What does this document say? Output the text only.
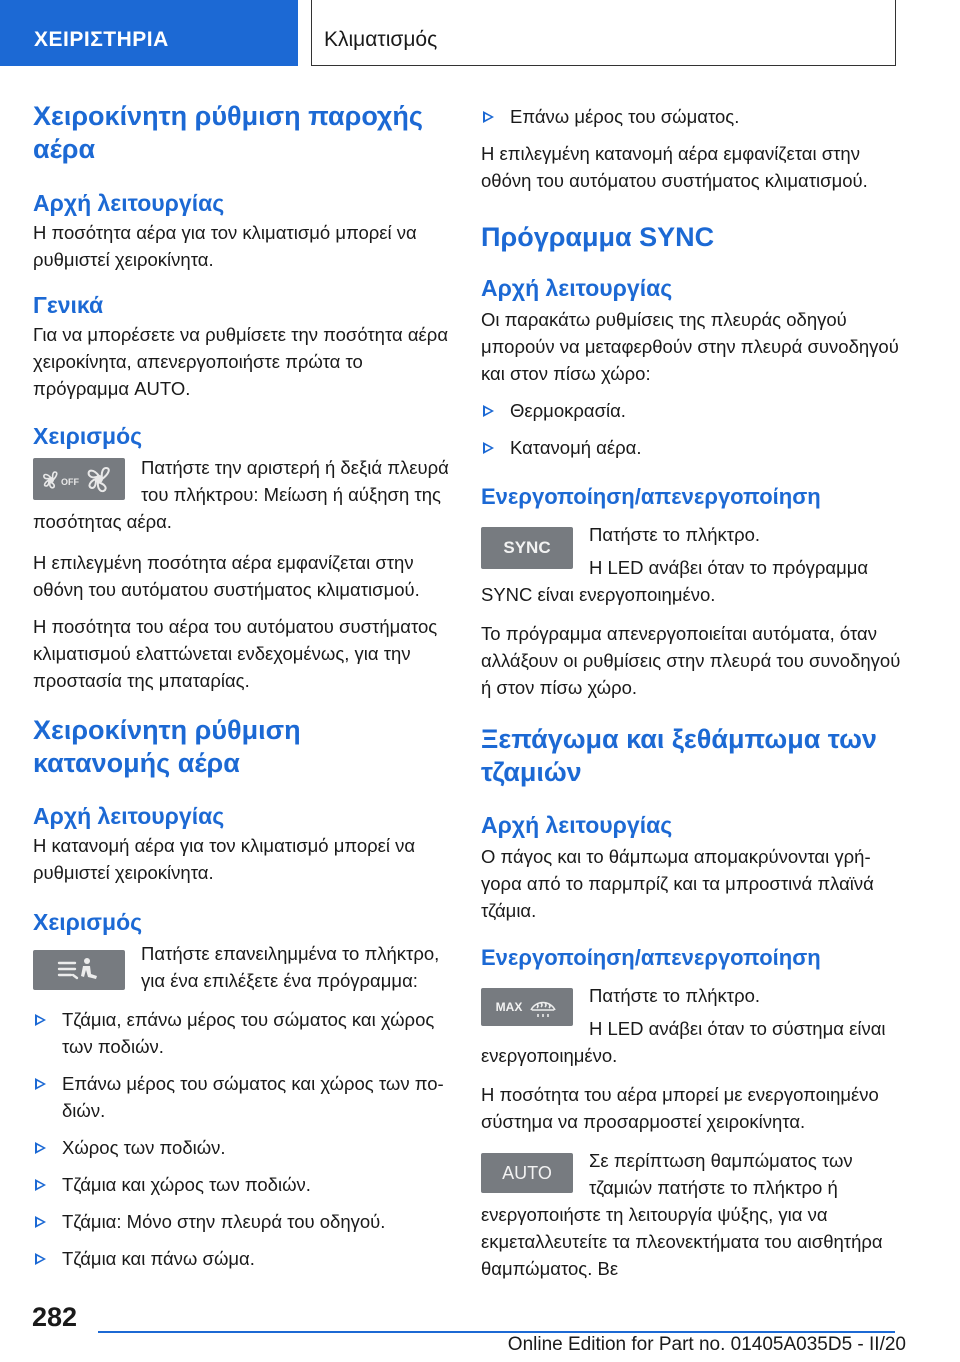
ΧΕΙΡΙΣΤΗΡΙΑ	Κλιματισμός
Χειροκίνητη ρύθμιση παροχής αέρα
Αρχή λειτουργίας

Η ποσότητα αέρα για τον κλιματισμό μπορεί να ρυθμιστεί χειροκίνητα.

Γενικά

Για να μπορέσετε να ρυθμίσετε την ποσότητα αέρα χειροκίνητα, απενεργοποιήστε πρώτα το πρόγραμμα AUTO.

Χειρισμός
OFF

Πατήστε την αριστερή ή δεξιά πλευρά του πλήκτρου: Μείωση ή αύξηση της ποσότητας αέρα.

Η επιλεγμένη ποσότητα αέρα εμφανίζεται στην οθόνη του αυτόματου συστήματος κλιματισμού.

Η ποσότητα του αέρα του αυτόματου συστήματος κλιματισμού ελαττώνεται ενδεχομένως, για την προστασία της μπαταρίας.

Χειροκίνητη ρύθμιση κατανομής αέρα
Αρχή λειτουργίας

Η κατανομή αέρα για τον κλιματισμό μπορεί να ρυθμιστεί χειροκίνητα.

Χειρισμός

Πατήστε επανειλημμένα το πλήκτρο, για ένα επιλέξετε ένα πρόγραμμα:

Τζάμια, επάνω μέρος του σώματος και χώρος των ποδιών.
Επάνω μέρος του σώματος και χώρος των ποδιών.
Χώρος των ποδιών.
Τζάμια και χώρος των ποδιών.
Τζάμια: Μόνο στην πλευρά του οδηγού.
Τζάμια και πάνω σώμα.
Επάνω μέρος του σώματος.

Η επιλεγμένη κατανομή αέρα εμφανίζεται στην οθόνη του αυτόματου συστήματος κλιματισμού.

Πρόγραμμα SYNC
Αρχή λειτουργίας

Οι παρακάτω ρυθμίσεις της πλευράς οδηγού μπορούν να μεταφερθούν στην πλευρά συνοδηγού και στον πίσω χώρο:

Θερμοκρασία.
Κατανομή αέρα.
Ενεργοποίηση/απενεργοποίηση
SYNC

Πατήστε το πλήκτρο.

Η LED ανάβει όταν το πρόγραμμα SYNC είναι ενεργοποιημένο.

Το πρόγραμμα απενεργοποιείται αυτόματα, όταν αλλάξουν οι ρυθμίσεις στην πλευρά του συνοδηγού ή στον πίσω χώρο.

Ξεπάγωμα και ξεθάμπωμα των τζαμιών
Αρχή λειτουργίας

Ο πάγος και το θάμπωμα απομακρύνονται γρήγορα από το παρμπρίζ και τα μπροστινά πλαϊνά τζάμια.

Ενεργοποίηση/απενεργοποίηση
MAX

Πατήστε το πλήκτρο.

Η LED ανάβει όταν το σύστημα είναι ενεργοποιημένο.

Η ποσότητα του αέρα μπορεί με ενεργοποιημένο σύστημα να προσαρμοστεί χειροκίνητα.

AUTO

Σε περίπτωση θαμπώματος των τζαμιών πατήστε το πλήκτρο ή ενεργοποιήστε τη λειτουργία ψύξης, για να εκμεταλλευτείτε τα πλεονεκτήματα του αισθητήρα θαμπώματος. Βε

282
Online Edition for Part no. 01405A035D5 - II/20
